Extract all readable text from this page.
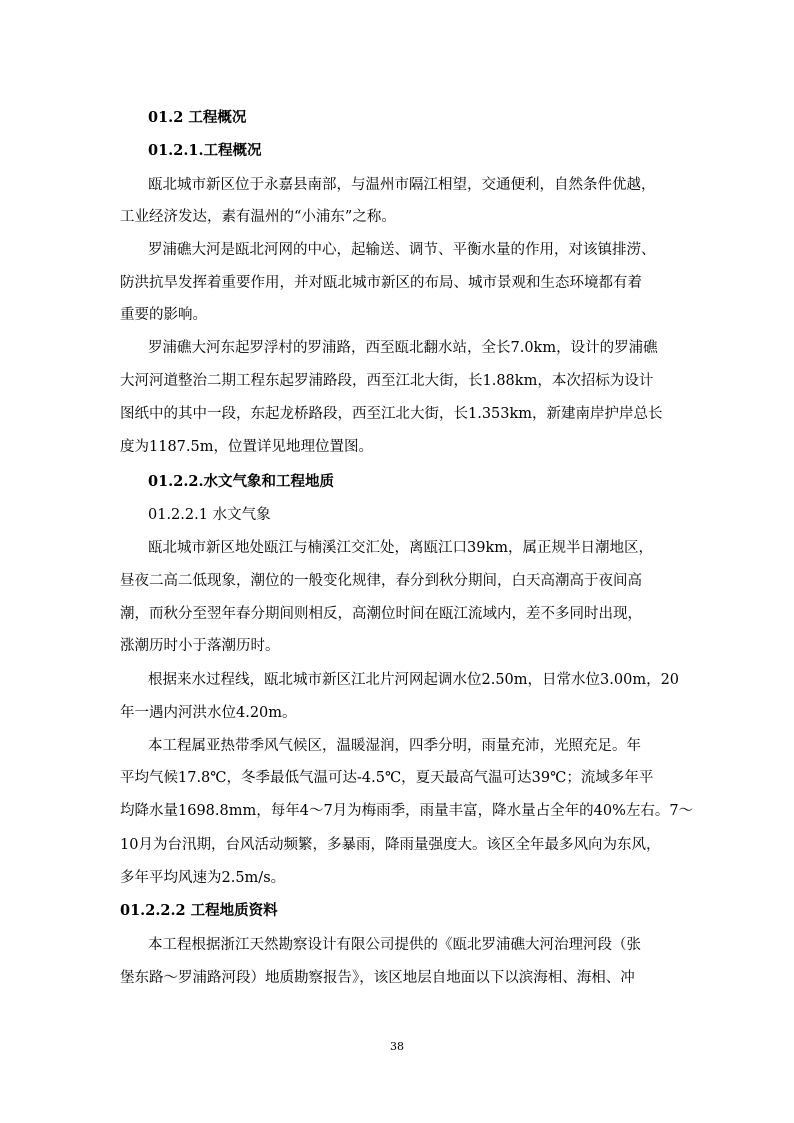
01.2 工程概况
01.2.1.工程概况
瓯北城市新区位于永嘉县南部，与温州市隔江相望，交通便利，自然条件优越，
工业经济发达，素有温州的“小浦东”之称。
罗浦礁大河是瓯北河网的中心，起输送、调节、平衡水量的作用，对该镇排涝、
防洪抗旱发挥着重要作用，并对瓯北城市新区的布局、城市景观和生态环境都有着
重要的影响。
罗浦礁大河东起罗浮村的罗浦路，西至瓯北翻水站，全长7.0km，设计的罗浦礁
大河河道整治二期工程东起罗浦路段，西至江北大街，长1.88km，本次招标为设计
图纸中的其中一段，东起龙桥路段，西至江北大街，长1.353km，新建南岸护岸总长
度为1187.5m，位置详见地理位置图。
01.2.2.水文气象和工程地质
01.2.2.1 水文气象
瓯北城市新区地处瓯江与楠溪江交汇处，离瓯江口39km，属正规半日潮地区，
昼夜二高二低现象，潮位的一般变化规律，春分到秋分期间，白天高潮高于夜间高
潮，而秋分至翌年春分期间则相反，高潮位时间在瓯江流域内，差不多同时出现，
涨潮历时小于落潮历时。
根据来水过程线，瓯北城市新区江北片河网起调水位2.50m，日常水位3.00m，20
年一遇内河洪水位4.20m。
本工程属亚热带季风气候区，温暖湿润，四季分明，雨量充沛，光照充足。年
平均气候17.8℃，冬季最低气温可达-4.5℃，夏天最高气温可达39℃；流域多年平
均降水量1698.8mm，每年4～7月为梅雨季，雨量丰富，降水量占全年的40%左右。7～
10月为台汛期，台风活动频繁，多暴雨，降雨量强度大。该区全年最多风向为东风，
多年平均风速为2.5m/s。
01.2.2.2 工程地质资料
本工程根据浙江天然勘察设计有限公司提供的《瓯北罗浦礁大河治理河段（张
堡东路～罗浦路河段）地质勘察报告》，该区地层自地面以下以滨海相、海相、冲
38
